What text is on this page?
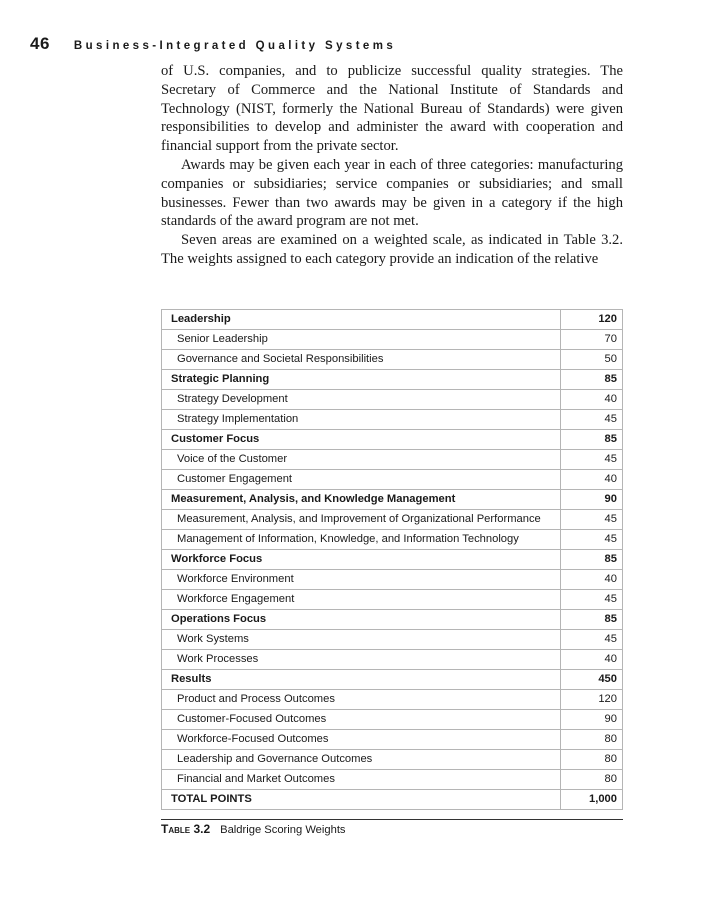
46 Business-Integrated Quality Systems

of U.S. companies, and to publicize successful quality strategies. The Secretary of Commerce and the National Institute of Standards and Technology (NIST, formerly the National Bureau of Standards) were given responsibilities to develop and administer the award with cooperation and financial support from the private sector.

Awards may be given each year in each of three categories: manufacturing companies or subsidiaries; service companies or subsidiaries; and small businesses. Fewer than two awards may be given in a category if the high standards of the award program are not met.

Seven areas are examined on a weighted scale, as indicated in Table 3.2. The weights assigned to each category provide an indication of the relative

Leadership	120
Senior Leadership	70
Governance and Societal Responsibilities	50
Strategic Planning	85
Strategy Development	40
Strategy Implementation	45
Customer Focus	85
Voice of the Customer	45
Customer Engagement	40
Measurement, Analysis, and Knowledge Management	90
Measurement, Analysis, and Improvement of Organizational Performance	45
Management of Information, Knowledge, and Information Technology	45
Workforce Focus	85
Workforce Environment	40
Workforce Engagement	45
Operations Focus	85
Work Systems	45
Work Processes	40
Results	450
Product and Process Outcomes	120
Customer-Focused Outcomes	90
Workforce-Focused Outcomes	80
Leadership and Governance Outcomes	80
Financial and Market Outcomes	80
TOTAL POINTS	1,000
Table 3.2 Baldrige Scoring Weights
